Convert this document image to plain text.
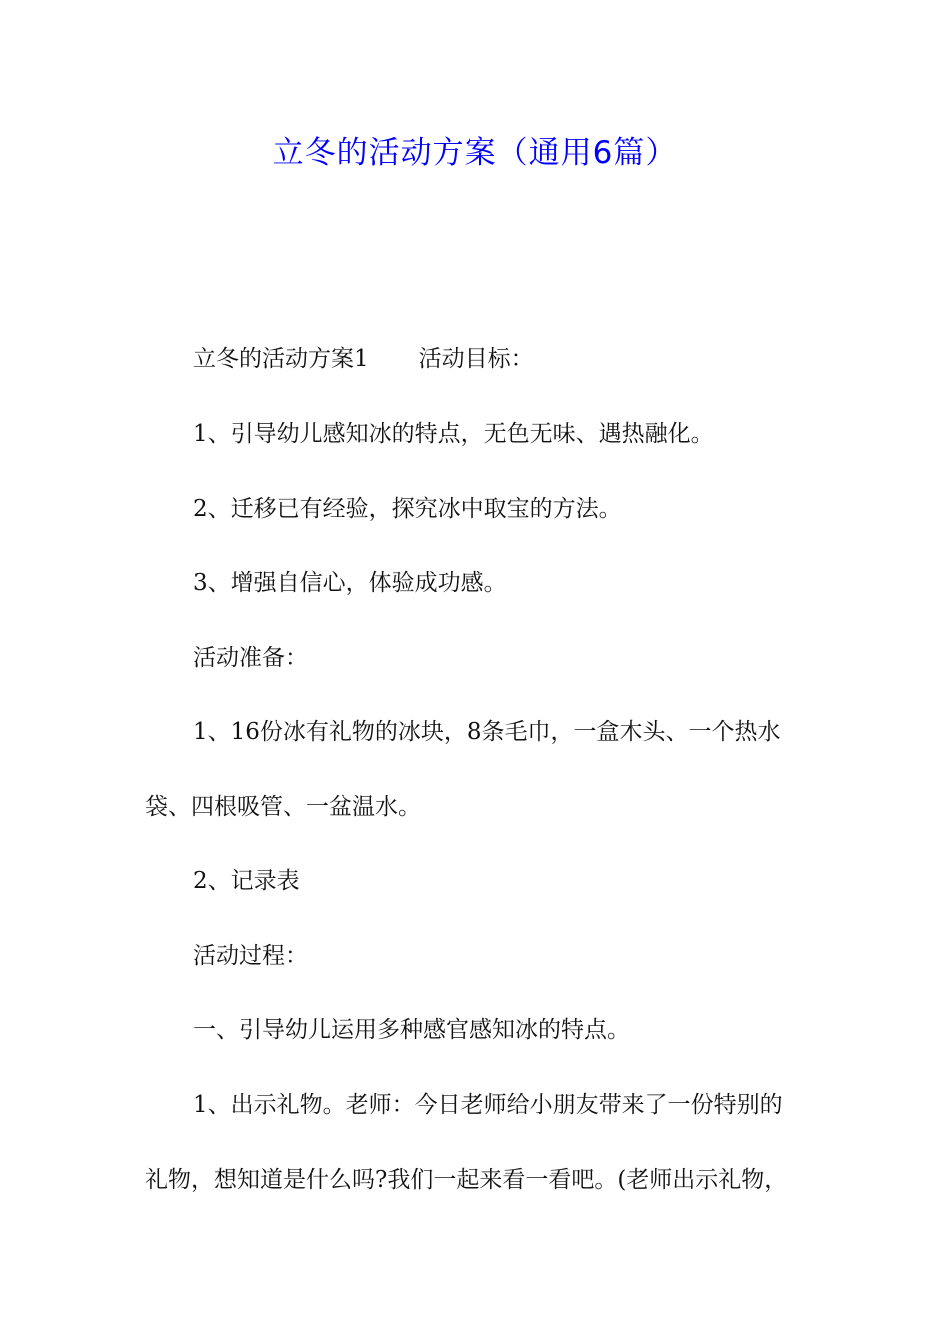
立冬的活动方案（通用6篇）

立冬的活动方案1 活动目标：

1、引导幼儿感知冰的特点，无色无味、遇热融化。

2、迁移已有经验，探究冰中取宝的方法。

3、增强自信心，体验成功感。

活动准备：

1、16份冰有礼物的冰块，8条毛巾，一盒木头、一个热水

袋、四根吸管、一盆温水。

2、记录表

活动过程：

一、引导幼儿运用多种感官感知冰的特点。

1、出示礼物。老师：今日老师给小朋友带来了一份特别的

礼物，想知道是什么吗?我们一起来看一看吧。(老师出示礼物，
